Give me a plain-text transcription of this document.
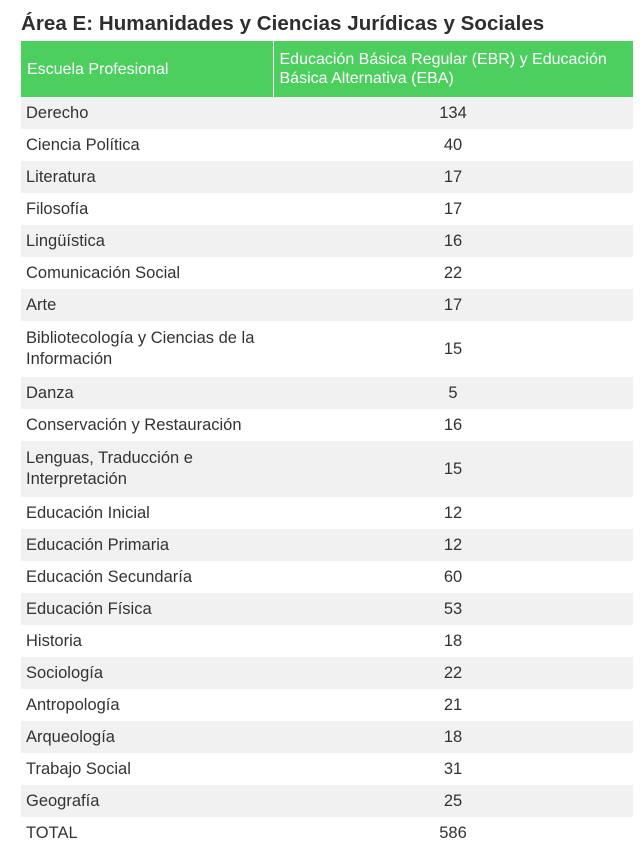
Área E: Humanidades y Ciencias Jurídicas y Sociales
Escuela Profesional	Educación Básica Regular (EBR) y Educación Básica Alternativa (EBA)
Derecho	134
Ciencia Política	40
Literatura	17
Filosofía	17
Lingüística	16
Comunicación Social	22
Arte	17
Bibliotecología y Ciencias de la Información	15
Danza	5
Conservación y Restauración	16
Lenguas, Traducción e Interpretación	15
Educación Inicial	12
Educación Primaria	12
Educación Secundaría	60
Educación Física	53
Historia	18
Sociología	22
Antropología	21
Arqueología	18
Trabajo Social	31
Geografía	25
TOTAL	586
